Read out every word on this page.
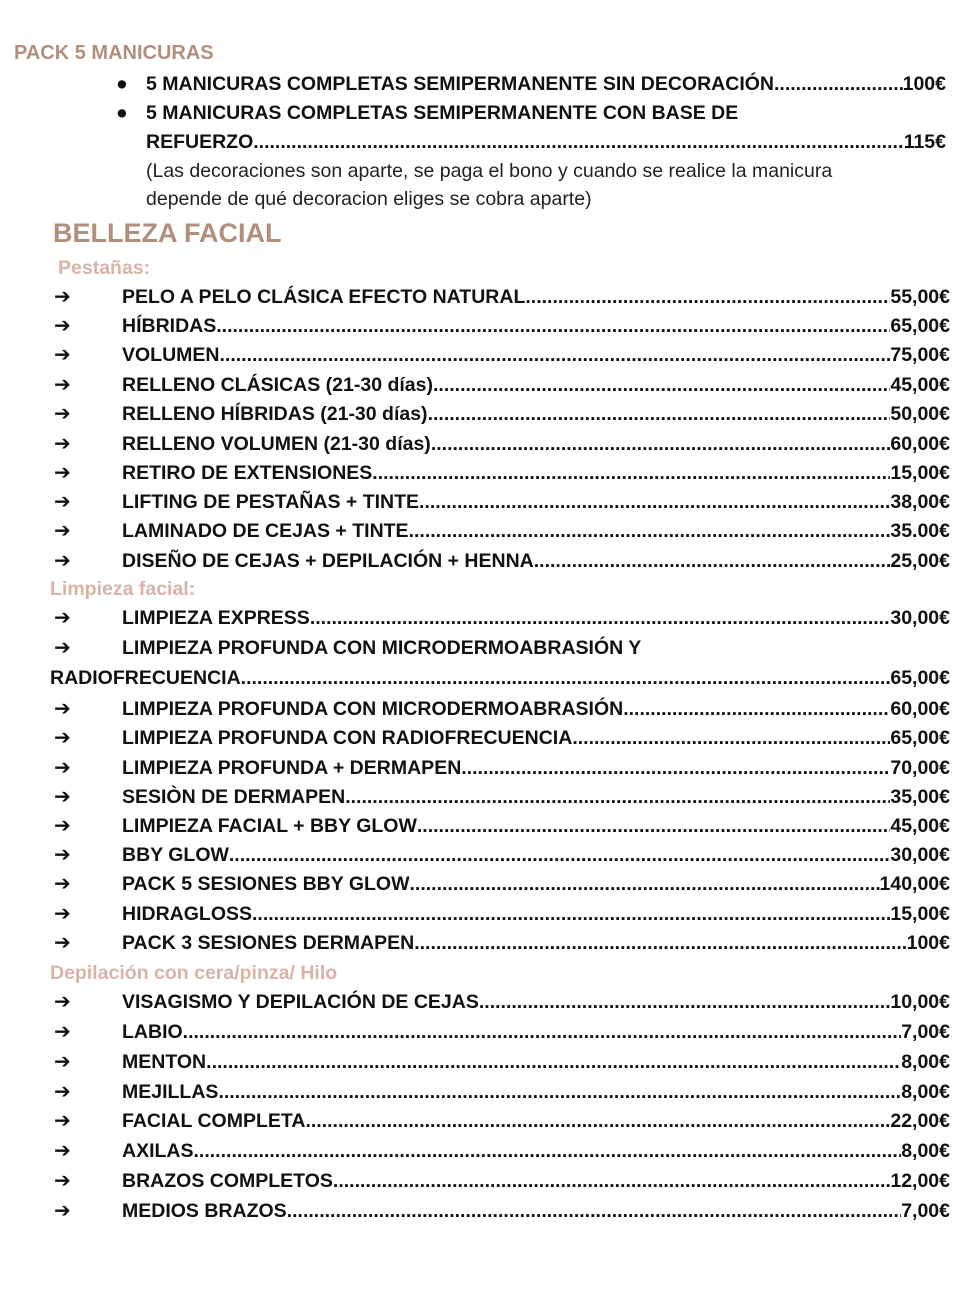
PACK 5 MANICURAS
● 5 MANICURAS COMPLETAS SEMIPERMANENTE SIN DECORACIÓN .....	100€
● 5 MANICURAS COMPLETAS SEMIPERMANENTE CON BASE DE
REFUERZO .....	115€
(Las decoraciones son aparte, se paga el bono y cuando se realice la manicura
depende de qué decoracion eliges se cobra aparte)
BELLEZA FACIAL
Pestañas:
➔	PELO A PELO CLÁSICA EFECTO NATURAL .....	55,00€
➔	HÍBRIDAS .....	65,00€
➔	VOLUMEN .....	75,00€
➔	RELLENO CLÁSICAS (21-30 días) .....	45,00€
➔	RELLENO HÍBRIDAS (21-30 días) .....	50,00€
➔	RELLENO VOLUMEN (21-30 días) .....	60,00€
➔	RETIRO DE EXTENSIONES .....	15,00€
➔	LIFTING DE PESTAÑAS + TINTE .....	38,00€
➔	LAMINADO DE CEJAS + TINTE .....	35.00€
➔	DISEÑO DE CEJAS + DEPILACIÓN + HENNA .....	25,00€
Limpieza facial:
➔	LIMPIEZA EXPRESS .....	30,00€
➔	LIMPIEZA PROFUNDA CON MICRODERMOABRASIÓN Y
RADIOFRECUENCIA .....	65,00€
➔	LIMPIEZA PROFUNDA CON MICRODERMOABRASIÓN .....	60,00€
➔	LIMPIEZA PROFUNDA CON RADIOFRECUENCIA .....	65,00€
➔	LIMPIEZA PROFUNDA + DERMAPEN .....	70,00€
➔	SESIÒN DE DERMAPEN .....	35,00€
➔	LIMPIEZA FACIAL + BBY GLOW .....	45,00€
➔	BBY GLOW .....	30,00€
➔	PACK 5 SESIONES BBY GLOW .....	140,00€
➔	HIDRAGLOSS .....	15,00€
➔	PACK 3 SESIONES DERMAPEN .....	100€
Depilación con cera/pinza/ Hilo
➔	VISAGISMO Y DEPILACIÓN DE CEJAS .....	10,00€
➔	LABIO .....	7,00€
➔	MENTON .....	8,00€
➔	MEJILLAS .....	8,00€
➔	FACIAL COMPLETA .....	22,00€
➔	AXILAS .....	8,00€
➔	BRAZOS COMPLETOS .....	12,00€
➔	MEDIOS BRAZOS .....	7,00€
